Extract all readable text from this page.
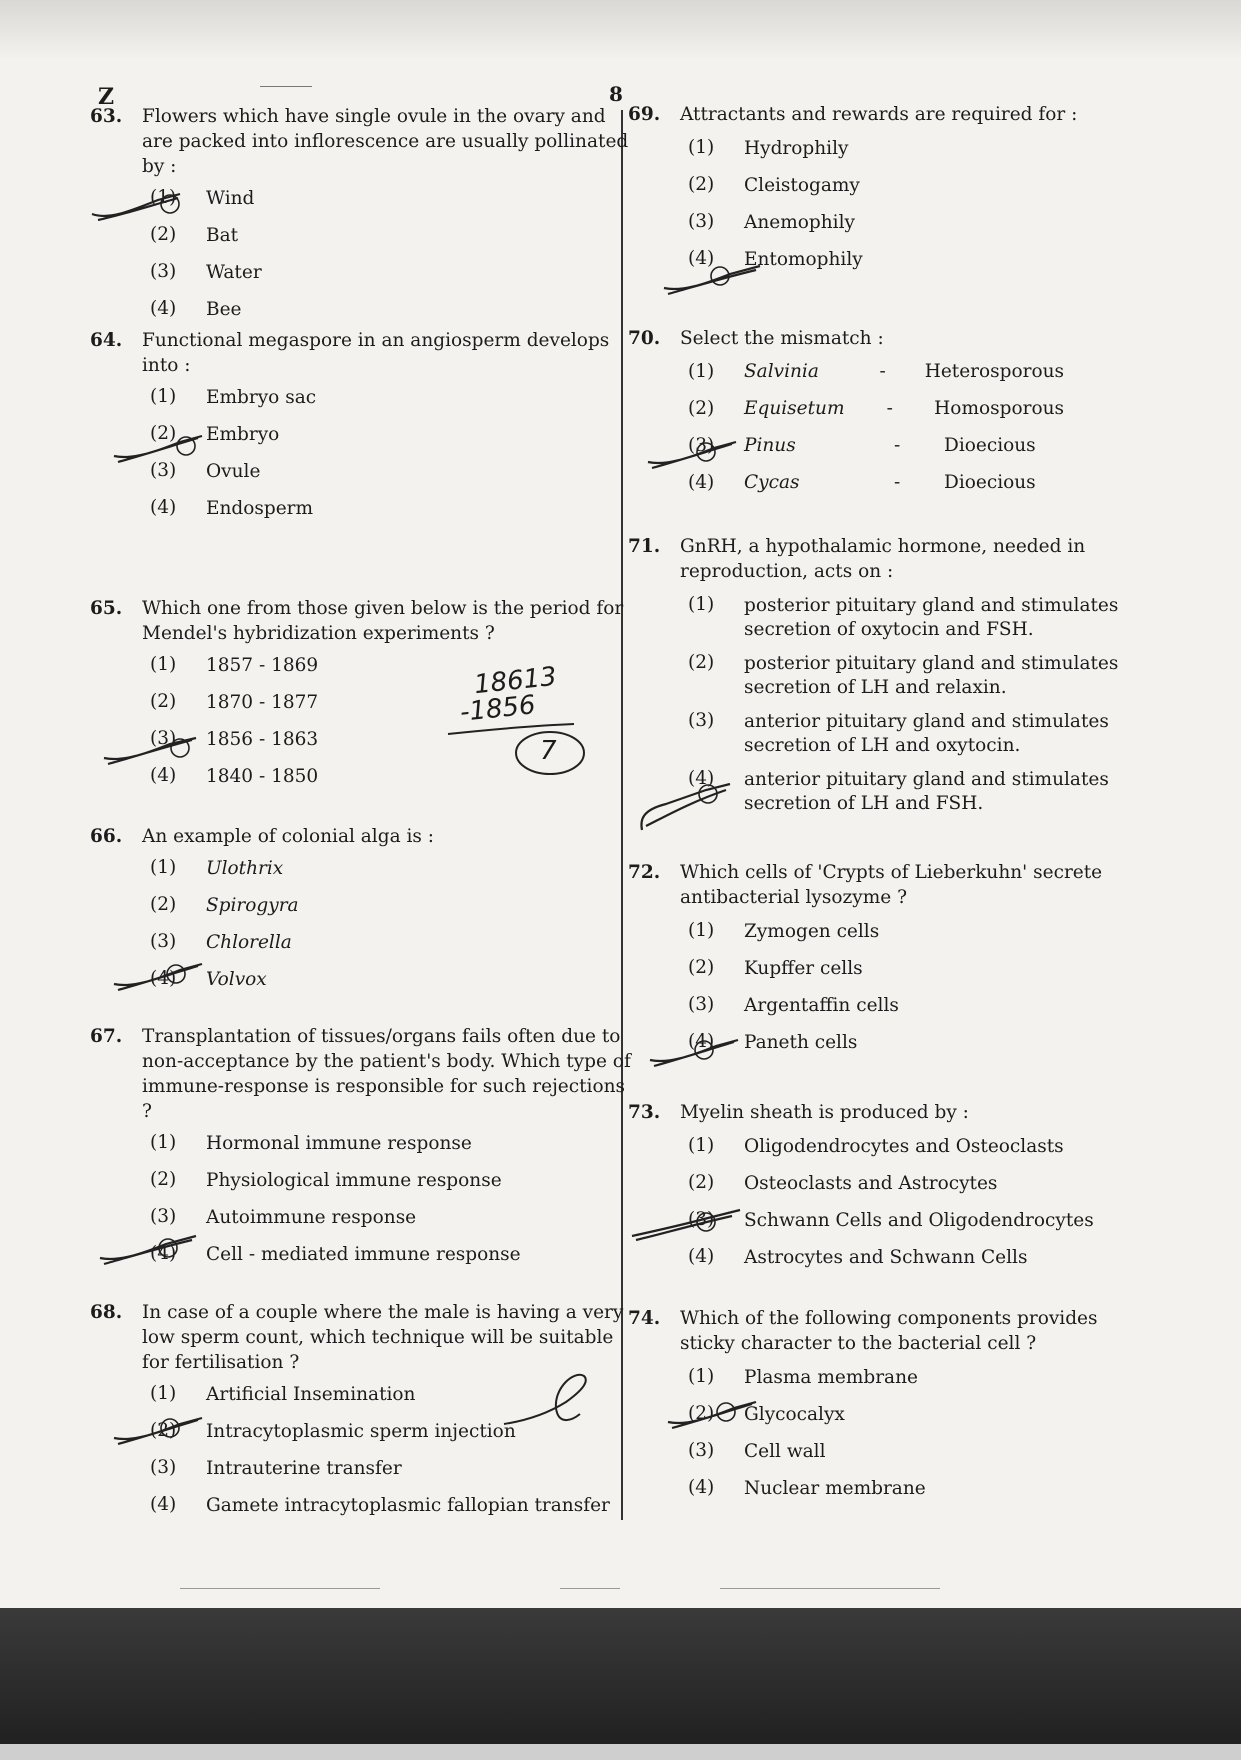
Z	8
63.	Flowers which have single ovule in the ovary and are packed into inflorescence are usually pollinated by :
(1)	Wind
(2)	Bat
(3)	Water
(4)	Bee
64.	Functional megaspore in an angiosperm develops into :
(1)	Embryo sac
(2)	Embryo
(3)	Ovule
(4)	Endosperm
65.	Which one from those given below is the period for Mendel's hybridization experiments ?
(1)	1857 - 1869
(2)	1870 - 1877
(3)	1856 - 1863
(4)	1840 - 1850
66.	An example of colonial alga is :
(1)	Ulothrix
(2)	Spirogyra
(3)	Chlorella
(4)	Volvox
67.	Transplantation of tissues/organs fails often due to non-acceptance by the patient's body. Which type of immune-response is responsible for such rejections ?
(1)	Hormonal immune response
(2)	Physiological immune response
(3)	Autoimmune response
(4)	Cell - mediated immune response
68.	In case of a couple where the male is having a very low sperm count, which technique will be suitable for fertilisation ?
(1)	Artificial Insemination
(2)	Intracytoplasmic sperm injection
(3)	Intrauterine transfer
(4)	Gamete intracytoplasmic fallopian transfer
69.	Attractants and rewards are required for :
(1)	Hydrophily
(2)	Cleistogamy
(3)	Anemophily
(4)	Entomophily
70.	Select the mismatch :
(1)	Salvinia	-	Heterosporous
(2)	Equisetum	-	Homosporous
(3)	Pinus	-	Dioecious
(4)	Cycas	-	Dioecious
71.	GnRH, a hypothalamic hormone, needed in reproduction, acts on :
(1)	posterior pituitary gland and stimulates secretion of oxytocin and FSH.
(2)	posterior pituitary gland and stimulates secretion of LH and relaxin.
(3)	anterior pituitary gland and stimulates secretion of LH and oxytocin.
(4)	anterior pituitary gland and stimulates secretion of LH and FSH.
72.	Which cells of 'Crypts of Lieberkuhn' secrete antibacterial lysozyme ?
(1)	Zymogen cells
(2)	Kupffer cells
(3)	Argentaffin cells
(4)	Paneth cells
73.	Myelin sheath is produced by :
(1)	Oligodendrocytes and Osteoclasts
(2)	Osteoclasts and Astrocytes
(3)	Schwann Cells and Oligodendrocytes
(4)	Astrocytes and Schwann Cells
74.	Which of the following components provides sticky character to the bacterial cell ?
(1)	Plasma membrane
(2)	Glycocalyx
(3)	Cell wall
(4)	Nuclear membrane
18613
-1856
7
